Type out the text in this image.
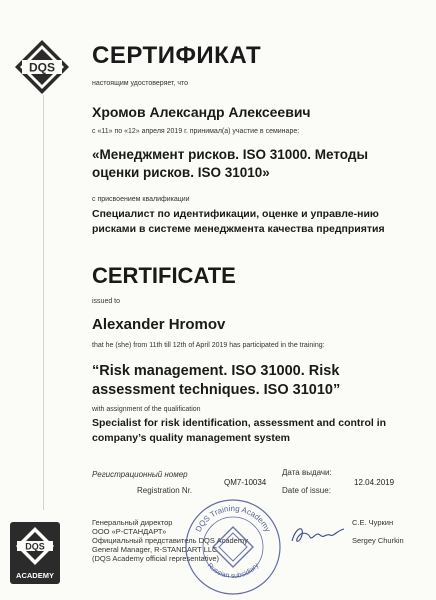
DQS СЕРТИФИКАТ
настоящим удостоверяет, что
Хромов Александр Алексеевич
с «11» по «12» апреля 2019 г. принимал(а) участие в семинаре:
«Менеджмент рисков. ISO 31000. Методы оценки рисков. ISO 31010»
с присвоением квалификации
Специалист по идентификации, оценке и управле-нию рисками в системе менеджмента качества предприятия
CERTIFICATE
issued to
Alexander Hromov
that he (she) from 11th till 12th of April 2019 has participated in the training:
“Risk management. ISO 31000. Risk assessment techniques. ISO 31010”
with assignment of the qualification
Specialist for risk identification, assessment and control in company’s quality management system
Регистрационный номер
Registration Nr.
QM7-10034
Дата выдачи:
Date of issue:
12.04.2019
Генеральный директор
ООО «Р-СТАНДАРТ»
Официальный представитель DQS Academy
General Manager, R-STANDART LLC
(DQS Academy official representative)
С.Е. Чуркин
Sergey Churkin
DQS Training Academy
Russian subsidiary
DQS
ACADEMY
